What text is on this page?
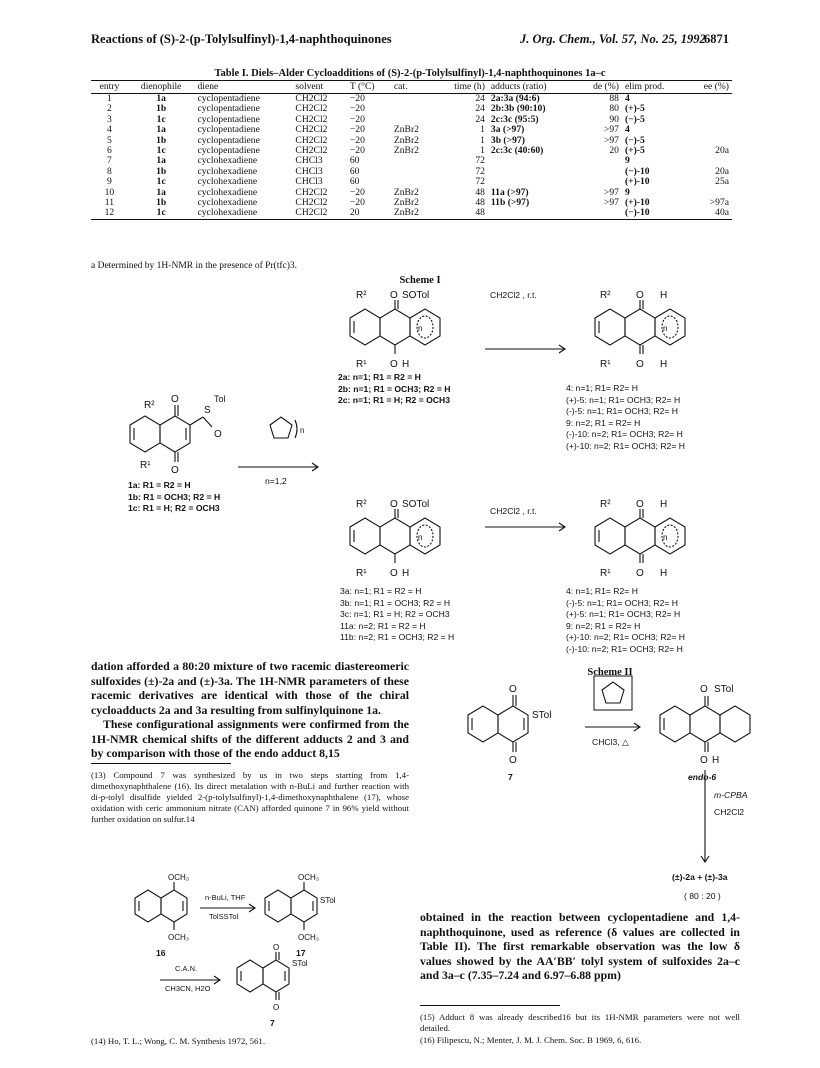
Reactions of (S)-2-(p-Tolylsulfinyl)-1,4-naphthoquinones	J. Org. Chem., Vol. 57, No. 25, 1992
6871
Table I. Diels–Alder Cycloadditions of (S)-2-(p-Tolylsulfinyl)-1,4-naphthoquinones 1a–c
entry	dienophile	diene	solvent	T (°C)	cat.	time (h)	adducts (ratio)	de (%)	elim prod.	ee (%)
1	1a	cyclopentadiene	CH2Cl2	−20		24	2a:3a (94:6)	88	4	
2	1b	cyclopentadiene	CH2Cl2	−20		24	2b:3b (90:10)	80	(+)-5	
3	1c	cyclopentadiene	CH2Cl2	−20		24	2c:3c (95:5)	90	(−)-5	
4	1a	cyclopentadiene	CH2Cl2	−20	ZnBr2	1	3a (>97)	>97	4	
5	1b	cyclopentadiene	CH2Cl2	−20	ZnBr2	1	3b (>97)	>97	(−)-5	
6	1c	cyclopentadiene	CH2Cl2	−20	ZnBr2	1	2c:3c (40:60)	20	(+)-5	20a
7	1a	cyclohexadiene	CHCl3	60		72			9	
8	1b	cyclohexadiene	CHCl3	60		72			(−)-10	20a
9	1c	cyclohexadiene	CHCl3	60		72			(+)-10	25a
10	1a	cyclohexadiene	CH2Cl2	−20	ZnBr2	48	11a (>97)	>97	9	
11	1b	cyclohexadiene	CH2Cl2	−20	ZnBr2	48	11b (>97)	>97	(+)-10	>97a
12	1c	cyclohexadiene	CH2Cl2	20	ZnBr2	48			(−)-10	40a
a Determined by 1H-NMR in the presence of Pr(tfc)3.
Scheme I
R² O SOTol
R¹ O H
n
R²	O H
R¹	O H
n
R²
O
S
Tol
O
R¹ O
n
R² O SOTol
R¹ O H
n
R²	O H
R¹	O H
n
O
STol
O
O STol
O H
OCH₃
OCH₃
OCH₃
STol
OCH₃
O
STol
O
CH2Cl2 , r.t.
n=1,2
CH2Cl2 , r.t.
2a: n=1; R1 = R2 = H
2b: n=1; R1 = OCH3; R2 = H
2c: n=1; R1 = H; R2 = OCH3
1a: R1 = R2 = H
1b: R1 = OCH3; R2 = H
1c: R1 = H; R2 = OCH3
4: n=1; R1= R2= H
(+)-5: n=1; R1= OCH3; R2= H
(-)-5: n=1; R1= OCH3; R2= H
9: n=2; R1 = R2= H
(-)-10: n=2; R1= OCH3; R2= H
(+)-10: n=2; R1= OCH3; R2= H
3a: n=1; R1 = R2 = H
3b: n=1; R1 = OCH3; R2 = H
3c: n=1; R1 = H; R2 = OCH3
11a: n=2; R1 = R2 = H
11b: n=2; R1 = OCH3; R2 = H
4: n=1; R1= R2= H
(-)-5: n=1; R1= OCH3; R2= H
(+)-5: n=1; R1= OCH3; R2= H
9: n=2; R1 = R2= H
(+)-10: n=2; R1= OCH3; R2= H
(-)-10: n=2; R1= OCH3; R2= H
dation afforded a 80:20 mixture of two racemic diastereomeric sulfoxides (±)-2a and (±)-3a. The 1H-NMR parameters of these racemic derivatives are identical with those of the chiral cycloadducts 2a and 3a resulting from sulfinylquinone 1a.
These configurational assignments were confirmed from the 1H-NMR chemical shifts of the different adducts 2 and 3 and by comparison with those of the endo adduct 8,15
(13) Compound 7 was synthesized by us in two steps starting from 1,4-dimethoxynaphthalene (16). Its direct metalation with n-BuLi and further reaction with di-p-tolyl disulfide yielded 2-(p-tolylsulfinyl)-1,4-dimethoxynaphthalene (17), whose oxidation with ceric ammonium nitrate (CAN) afforded quinone 7 in 96% yield without further oxidation on sulfur.14
n-BuLi, THF
TolSSTol
C.A.N.
CH3CN, H2O
16	17
7
(14) Ho, T. L.; Wong, C. M. Synthesis 1972, 561.
Scheme II
CHCl3, △
7	endo-6
m-CPBA
CH2Cl2
(±)-2a + (±)-3a
( 80 : 20 )
obtained in the reaction between cyclopentadiene and 1,4-naphthoquinone, used as reference (δ values are collected in Table II). The first remarkable observation was the low δ values showed by the AA′BB′ tolyl system of sulfoxides 2a–c and 3a–c (7.35–7.24 and 6.97–6.88 ppm)
(15) Adduct 8 was already described16 but its 1H-NMR parameters were not well detailed.
(16) Filipescu, N.; Menter, J. M. J. Chem. Soc. B 1969, 6, 616.
